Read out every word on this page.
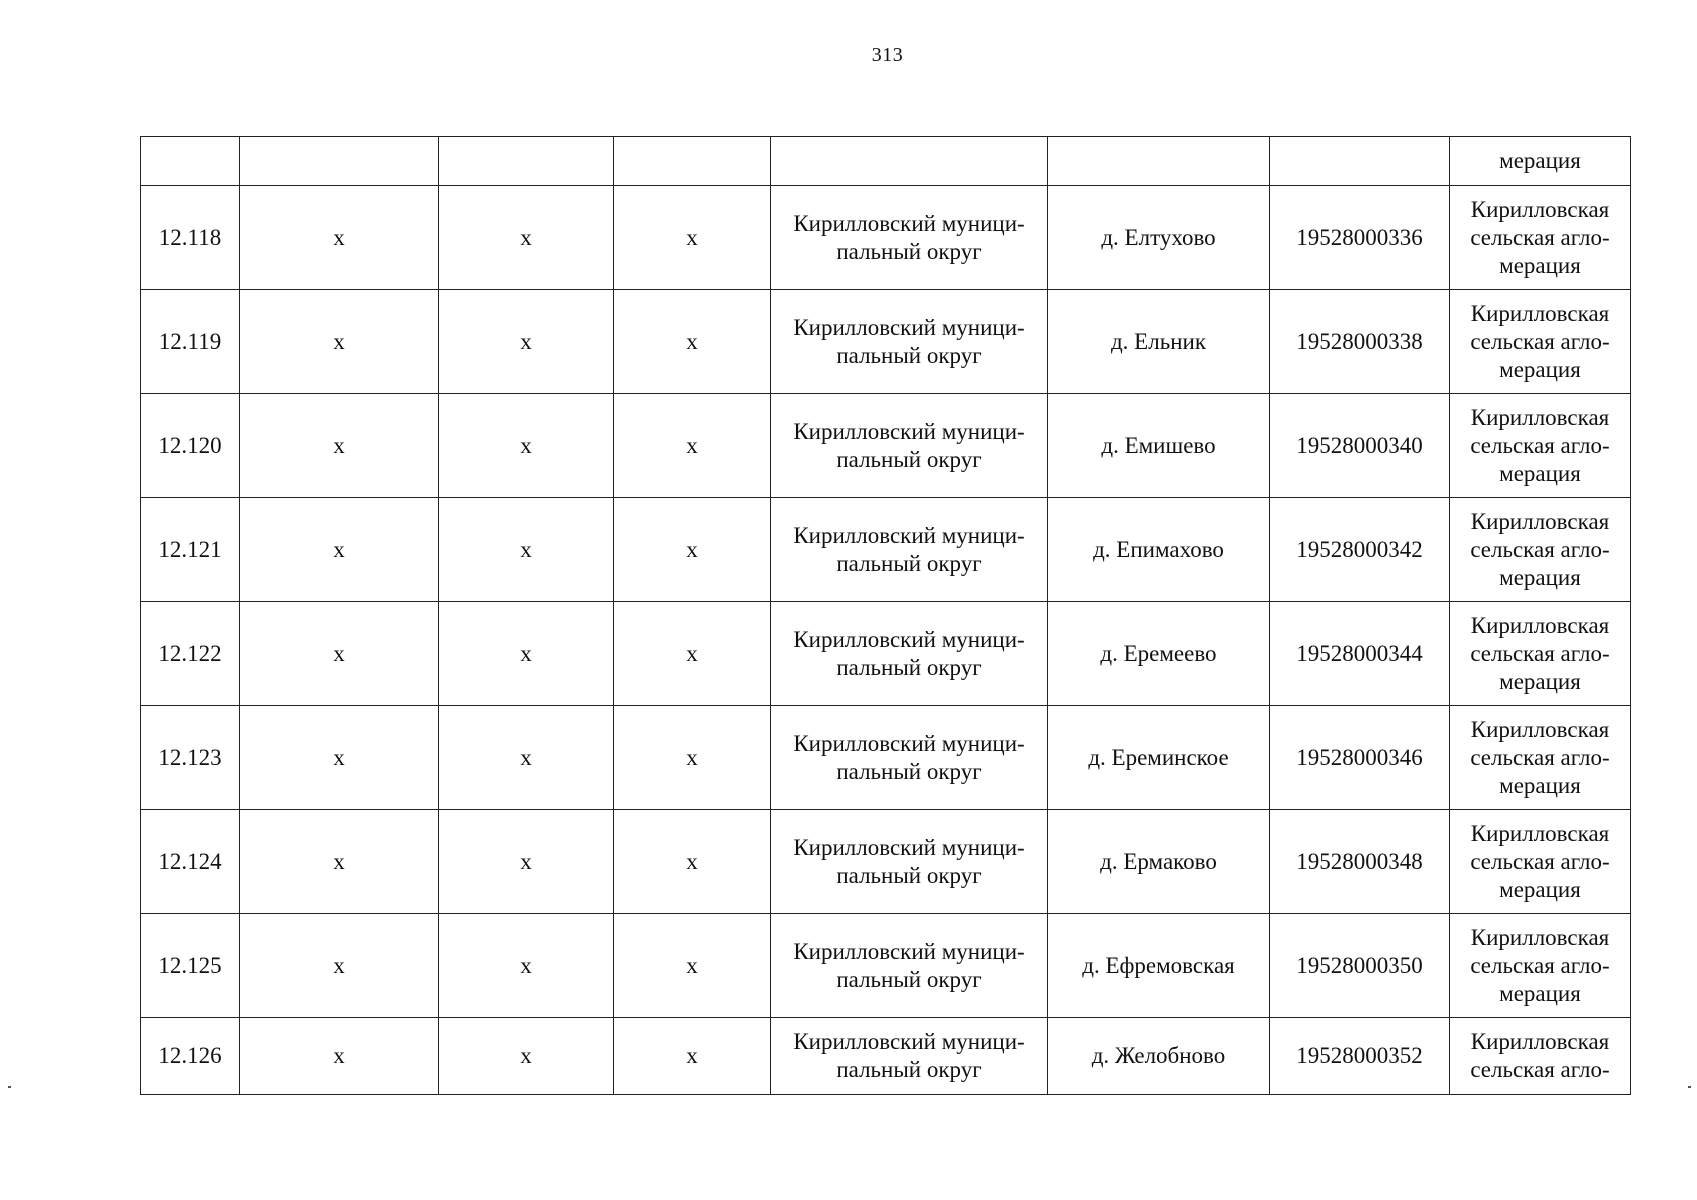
313
							мерация

12.118	х	х	х	Кирилловский муници-пальный округ	д. Елтухово	19528000336	Кирилловская сельская агло-мерация

12.119	х	х	х	Кирилловский муници-пальный округ	д. Ельник	19528000338	Кирилловская сельская агло-мерация

12.120	х	х	х	Кирилловский муници-пальный округ	д. Емишево	19528000340	Кирилловская сельская агло-мерация

12.121	х	х	х	Кирилловский муници-пальный округ	д. Епимахово	19528000342	Кирилловская сельская агло-мерация

12.122	х	х	х	Кирилловский муници-пальный округ	д. Еремеево	19528000344	Кирилловская сельская агло-мерация

12.123	х	х	х	Кирилловский муници-пальный округ	д. Ереминское	19528000346	Кирилловская сельская агло-мерация

12.124	х	х	х	Кирилловский муници-пальный округ	д. Ермаково	19528000348	Кирилловская сельская агло-мерация

12.125	х	х	х	Кирилловский муници-пальный округ	д. Ефремовская	19528000350	Кирилловская сельская агло-мерация

12.126	х	х	х	Кирилловский муници-пальный округ	д. Желобново	19528000352	Кирилловская сельская агло-
